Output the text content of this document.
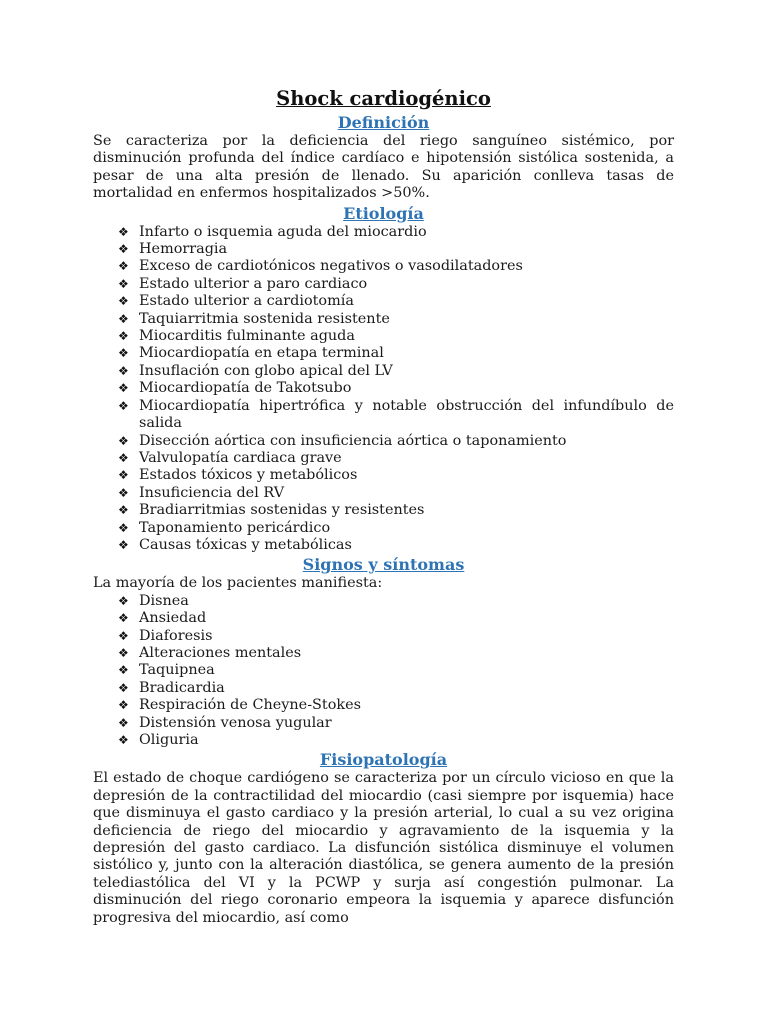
Shock cardiogénico
Definición

Se caracteriza por la deficiencia del riego sanguíneo sistémico, por disminución profunda del índice cardíaco e hipotensión sistólica sostenida, a pesar de una alta presión de llenado. Su aparición conlleva tasas de mortalidad en enfermos hospitalizados >50%.

Etiología
❖ Infarto o isquemia aguda del miocardio
❖ Hemorragia
❖ Exceso de cardiotónicos negativos o vasodilatadores
❖ Estado ulterior a paro cardiaco
❖ Estado ulterior a cardiotomía
❖ Taquiarritmia sostenida resistente
❖ Miocarditis fulminante aguda
❖ Miocardiopatía en etapa terminal
❖ Insuflación con globo apical del LV
❖ Miocardiopatía de Takotsubo
❖ Miocardiopatía hipertrófica y notable obstrucción del infundíbulo de salida
❖ Disección aórtica con insuficiencia aórtica o taponamiento
❖ Valvulopatía cardiaca grave
❖ Estados tóxicos y metabólicos
❖ Insuficiencia del RV
❖ Bradiarritmias sostenidas y resistentes
❖ Taponamiento pericárdico
❖ Causas tóxicas y metabólicas
Signos y síntomas

La mayoría de los pacientes manifiesta:

❖ Disnea
❖ Ansiedad
❖ Diaforesis
❖ Alteraciones mentales
❖ Taquipnea
❖ Bradicardia
❖ Respiración de Cheyne-Stokes
❖ Distensión venosa yugular
❖ Oliguria
Fisiopatología

El estado de choque cardiógeno se caracteriza por un círculo vicioso en que la depresión de la contractilidad del miocardio (casi siempre por isquemia) hace que disminuya el gasto cardiaco y la presión arterial, lo cual a su vez origina deficiencia de riego del miocardio y agravamiento de la isquemia y la depresión del gasto cardiaco. La disfunción sistólica disminuye el volumen sistólico y, junto con la alteración diastólica, se genera aumento de la presión telediastólica del VI y la PCWP y surja así congestión pulmonar. La disminución del riego coronario empeora la isquemia y aparece disfunción progresiva del miocardio, así como
